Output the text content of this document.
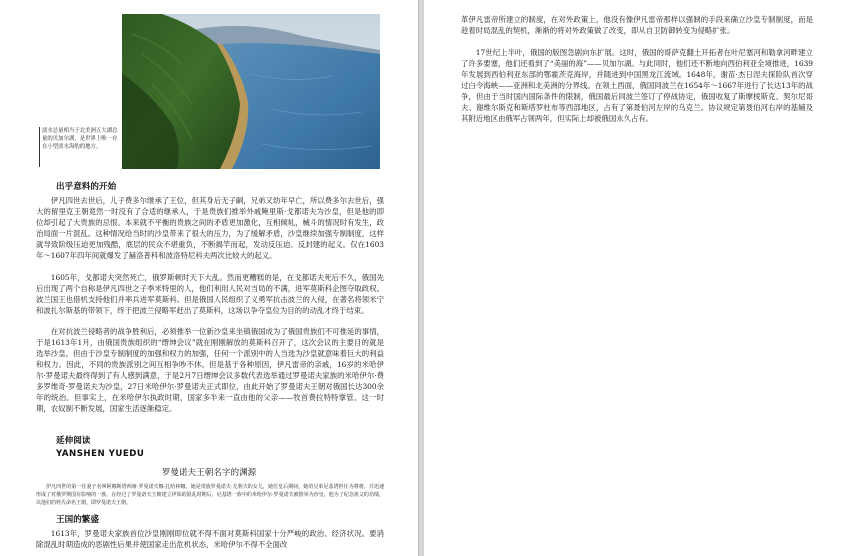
淡水总量相当于北美洲五大湖总量的贝加尔湖，是世界上唯一存在小型淡水海豹的地方。
出乎意料的开始

伊凡四世去世后，儿子费多尔继承了王位，但其身后无子嗣，兄弟又幼年早亡，所以费多尔去世后，强大的留里克王朝竟然一时没有了合适的继承人，于是贵族们推举外戚鲍里斯·戈都诺夫为沙皇，但是他的即位却引起了大贵族的忌恨。本来就不平衡的贵族之间的矛盾更加激化，互相倾轧，械斗的情况时有发生，政治局面一片混乱。这种情况给当时的沙皇带来了很大的压力，为了缓解矛盾，沙皇继续加强专制制度，这样就导致阶级压迫更加残酷，底层的民众不堪重负，不断揭竿而起，发动反压迫、反封建的起义。仅在1603年～1607年四年间就爆发了赫洛普科和波洛特尼科夫两次比较大的起义。

1605年，戈都诺夫突然死亡，俄罗斯顿时天下大乱。然而更糟糕的是，在戈都诺夫死后不久，俄国先后出现了两个自称是伊凡四世之子季米特里的人，他们利用人民对当局的不满，进军莫斯科企图夺取政权。波兰国王也借机支持他们并率兵进军莫斯科。但是俄国人民组织了义勇军抗击波兰的入侵，在著名将领米宁和波扎尔斯基的带领下，终于把波兰侵略军赶出了莫斯科，这场以争夺皇位为目的的动乱才终于结束。

在对抗波兰侵略者的战争胜利后，必须推举一位新沙皇来坐镇俄国成为了俄国贵族们不可推延的事情，于是1613年1月，由俄国贵族组织的“缙绅会议”就在刚刚解放的莫斯科召开了，这次会议的主要目的就是选举沙皇。但由于沙皇专制制度的加强和权力的加强，任何一个派别中的人当选为沙皇就意味着巨大的利益和权力。因此，不同的贵族派别之间互相争吵不休。但是基于各种原因，伊凡雷帝的亲戚，16岁的米哈伊尔·罗曼诺夫最终得到了有人感到满意，于是2月7日缙绅会议多数代表选举通过罗曼诺夫家族的米哈伊尔·费多罗维奇·罗曼诺夫为沙皇，27日米哈伊尔·罗曼诺夫正式即位，由此开始了罗曼诺夫王朝对俄国长达300余年的统治。但事实上，在米哈伊尔执政时期，国家多半来一直由他的父亲——牧首费拉特特掌管。这一时期，农奴制不断发展，国家生活逐渐稳定。

延伸阅读
YANSHEN YUEDU
罗曼诺夫王朝名字的渊源

伊凡四世的第一任妻子名叫阿娜斯塔西娅·罗曼诺夫娜·扎哈林娜，她是贵族罗曼诺夫·尤利夫的女儿，她任皇后期间，她的兄弟尼基塔担任为将将，并迅速形成了对俄罗斯国有影响的一族。在经过了罗曼诺夫王朝建立伊始的混乱时期后，尼基塔一族中的米哈伊尔·罗曼诺夫被推举为沙皇，他为了纪念祖父的功绩，以他们的姓氏命名王朝，即罗曼诺夫王朝。

王国的繁盛

1613年，罗曼诺夫家族首位沙皇刚刚即位就不得不面对莫斯科国家十分严峻的政治、经济状况。要消除混乱时期造成的恶剧性后果并使国家走出危机状态，米哈伊尔不得不全面改

革伊凡雷帝所建立的制度，在对外政策上，他没有像伊凡雷帝那样以强制的手段来确立沙皇专制制度，而是趁着时局混乱的契机，渐渐的将对外政策做了改变，即从自卫防御转变为侵略扩张。

17世纪上半叶，俄国的版图急剧向东扩展。这时，俄国的哥萨克翻土开拓者在叶尼塞河和勒拿河畔建立了许多要塞，他们还看到了“美丽的海”——贝加尔湖。与此同时，他们还不断地向西伯利亚全境推进，1639年发展到西伯利亚东部的鄂霍茨克海岸，并随进到中国黑龙江流域。1648年，谢苗·杰日涅夫探险队首次穿过白令海峡——亚洲和北美洲的分界线。在领土西面，俄国同波兰在1654年～1667年进行了长达13年的战争，但由于当时国内国际条件的限制，俄国最后同波兰签订了停战协定，俄国收复了斯摩棱斯克、契尔尼哥夫、谢维尔斯克和斯塔罗杜布等西部地区，占有了第聂伯河左岸的乌克兰。协议规定第聂伯河右岸的基辅及其附近地区由俄军占领两年，但实际上却被俄国永久占有。
